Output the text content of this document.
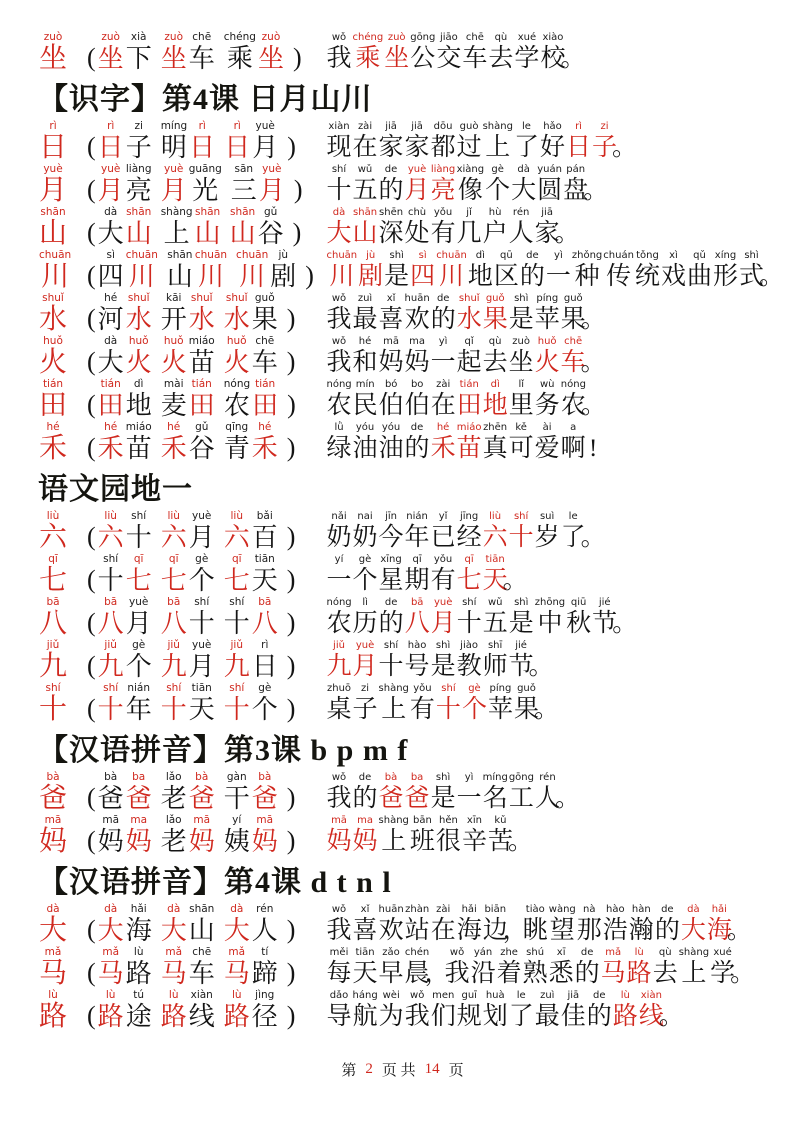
zuò
坐 (
zuò
坐
xià
下
zuò
坐
chē
车
chéng
乘
zuò
坐 )
wǒ
我
chéng
乘
zuò
坐
gōng
公
jiāo
交
chē
车
qù
去
xué
学
xiào
校
。
【识字】第4课 日月山川
rì
日 (
rì
日
zi
子
míng
明
rì
日
rì
日
yuè
月 )
xiàn
现
zài
在
jiā
家
jiā
家
dōu
都
guò
过
shàng
上
le
了
hǎo
好
rì
日
zi
子
。
yuè
月 (
yuè
月
liàng
亮
yuè
月
guāng
光
sān
三
yuè
月 )
shí
十
wǔ
五
de
的
yuè
月
liàng
亮
xiàng
像
gè
个
dà
大
yuán
圆
pán
盘
。
shān
山 (
dà
大
shān
山
shàng
上
shān
山
shān
山
gǔ
谷 )
dà
大
shān
山
shēn
深
chù
处
yǒu
有
jǐ
几
hù
户
rén
人
jiā
家
。
chuān
川 (
sì
四
chuān
川
shān
山
chuān
川
chuān
川
jù
剧 )
chuān
川
jù
剧
shì
是
sì
四
chuān
川
dì
地
qū
区
de
的
yì
一
zhǒng
种
chuán
传
tǒng
统
xì
戏
qǔ
曲
xíng
形
shì
式
。
shuǐ
水 (
hé
河
shuǐ
水
kāi
开
shuǐ
水
shuǐ
水
guǒ
果 )
wǒ
我
zuì
最
xǐ
喜
huān
欢
de
的
shuǐ
水
guǒ
果
shì
是
píng
苹
guǒ
果
。
huǒ
火 (
dà
大
huǒ
火
huǒ
火
miáo
苗
huǒ
火
chē
车 )
wǒ
我
hé
和
mā
妈
ma
妈
yì
一
qǐ
起
qù
去
zuò
坐
huǒ
火
chē
车
。
tián
田 (
tián
田
dì
地
mài
麦
tián
田
nóng
农
tián
田 )
nóng
农
mín
民
bó
伯
bo
伯
zài
在
tián
田
dì
地
lǐ
里
wù
务
nóng
农
。
hé
禾 (
hé
禾
miáo
苗
hé
禾
gǔ
谷
qīng
青
hé
禾 )
lǜ
绿
yóu
油
yóu
油
de
的
hé
禾
miáo
苗
zhēn
真
kě
可
ài
爱
a
啊 !
语文园地一
liù
六 (
liù
六
shí
十
liù
六
yuè
月
liù
六
bǎi
百 )
nǎi
奶
nai
奶
jīn
今
nián
年
yǐ
已
jīng
经
liù
六
shí
十
suì
岁
le
了
。
qī
七 (
shí
十
qī
七
qī
七
gè
个
qī
七
tiān
天 )
yí
一
gè
个
xīng
星
qī
期
yǒu
有
qī
七
tiān
天
。
bā
八 (
bā
八
yuè
月
bā
八
shí
十
shí
十
bā
八 )
nóng
农
lì
历
de
的
bā
八
yuè
月
shí
十
wǔ
五
shì
是
zhōng
中
qiū
秋
jié
节
。
jiǔ
九 (
jiǔ
九
gè
个
jiǔ
九
yuè
月
jiǔ
九
rì
日 )
jiǔ
九
yuè
月
shí
十
hào
号
shì
是
jiào
教
shī
师
jié
节
。
shí
十 (
shí
十
nián
年
shí
十
tiān
天
shí
十
gè
个 )
zhuō
桌
zi
子
shàng
上
yǒu
有
shí
十
gè
个
píng
苹
guǒ
果
。
【汉语拼音】第3课 b p m f
bà
爸 (
bà
爸
ba
爸
lǎo
老
bà
爸
gàn
干
bà
爸 )
wǒ
我
de
的
bà
爸
ba
爸
shì
是
yì
一
míng
名
gōng
工
rén
人
。
mā
妈 (
mā
妈
ma
妈
lǎo
老
mā
妈
yí
姨
mā
妈 )
mā
妈
ma
妈
shàng
上
bān
班
hěn
很
xīn
辛
kǔ
苦
。
【汉语拼音】第4课 d t n l
dà
大 (
dà
大
hǎi
海
dà
大
shān
山
dà
大
rén
人 )
wǒ
我
xǐ
喜
huān
欢
zhàn
站
zài
在
hǎi
海
biān
边
，
tiào
眺
wàng
望
nà
那
hào
浩
hàn
瀚
de
的
dà
大
hǎi
海
。
mǎ
马 (
mǎ
马
lù
路
mǎ
马
chē
车
mǎ
马
tí
蹄 )
měi
每
tiān
天
zǎo
早
chén
晨
，
wǒ
我
yán
沿
zhe
着
shú
熟
xī
悉
de
的
mǎ
马
lù
路
qù
去
shàng
上
xué
学
。
lù
路 (
lù
路
tú
途
lù
路
xiàn
线
lù
路
jìng
径 )
dǎo
导
háng
航
wèi
为
wǒ
我
men
们
guī
规
huà
划
le
了
zuì
最
jiā
佳
de
的
lù
路
xiàn
线
。
第 2 页 共 14 页
